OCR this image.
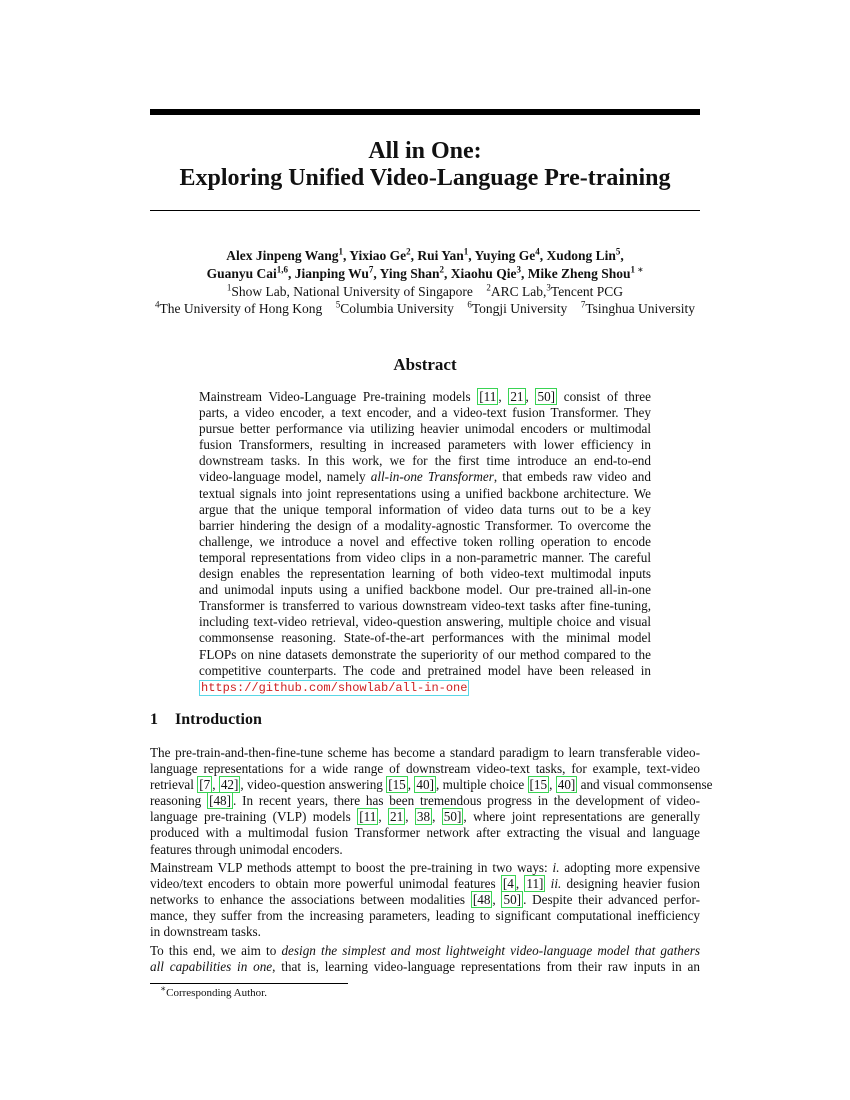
All in One:
Exploring Unified Video-Language Pre-training
Alex Jinpeng Wang$^1$, Yixiao Ge$^2$, Rui Yan$^1$, Yuying Ge$^4$, Xudong Lin$^5$,
Guanyu Cai$^{1,6}$, Jianping Wu$^7$, Ying Shan$^2$, Xiaohu Qie$^3$, Mike Zheng Shou$^{1 ∗}$
$^1$Show Lab, National University of Singapore  $^2$ARC Lab,$^3$Tencent PCG
$^4$The University of Hong Kong  $^5$Columbia University  $^6$Tongji University  $^7$Tsinghua University
Abstract
Mainstream Video-Language Pre-training models [11 , 21 , 50] consist of three
parts, a video encoder, a text encoder, and a video-text fusion Transformer. They
pursue better performance via utilizing heavier unimodal encoders or multimodal
fusion Transformers, resulting in increased parameters with lower efficiency in
downstream tasks. In this work, we for the first time introduce an end-to-end
video-language model, namely all-in-one Transformer, that embeds raw video and
textual signals into joint representations using a unified backbone architecture. We
argue that the unique temporal information of video data turns out to be a key
barrier hindering the design of a modality-agnostic Transformer. To overcome the
challenge, we introduce a novel and effective token rolling operation to encode
temporal representations from video clips in a non-parametric manner. The careful
design enables the representation learning of both video-text multimodal inputs
and unimodal inputs using a unified backbone model. Our pre-trained all-in-one
Transformer is transferred to various downstream video-text tasks after fine-tuning,
including text-video retrieval, video-question answering, multiple choice and visual
commonsense reasoning. State-of-the-art performances with the minimal model
FLOPs on nine datasets demonstrate the superiority of our method compared to the
competitive counterparts. The code and pretrained model have been released in
https://github.com/showlab/all-in-one
1 Introduction
The pre-train-and-then-fine-tune scheme has become a standard paradigm to learn transferable video-
language representations for a wide range of downstream video-text tasks, for example, text-video
retrieval [7 , 42] , video-question answering [15 , 40] , multiple choice [15 , 40] and visual commonsense
reasoning [48] . In recent years, there has been tremendous progress in the development of video-
language pre-training (VLP) models [11 , 21 , 38 , 50] , where joint representations are generally
produced with a multimodal fusion Transformer network after extracting the visual and language
features through unimodal encoders.
Mainstream VLP methods attempt to boost the pre-training in two ways: i. adopting more expensive
video/text encoders to obtain more powerful unimodal features [4 , 11] ii. designing heavier fusion
networks to enhance the associations between modalities [48 , 50] . Despite their advanced perfor-
mance, they suffer from the increasing parameters, leading to significant computational inefficiency
in downstream tasks.
To this end, we aim to design the simplest and most lightweight video-language model that gathers
all capabilities in one, that is, learning video-language representations from their raw inputs in an
∗Corresponding Author.
